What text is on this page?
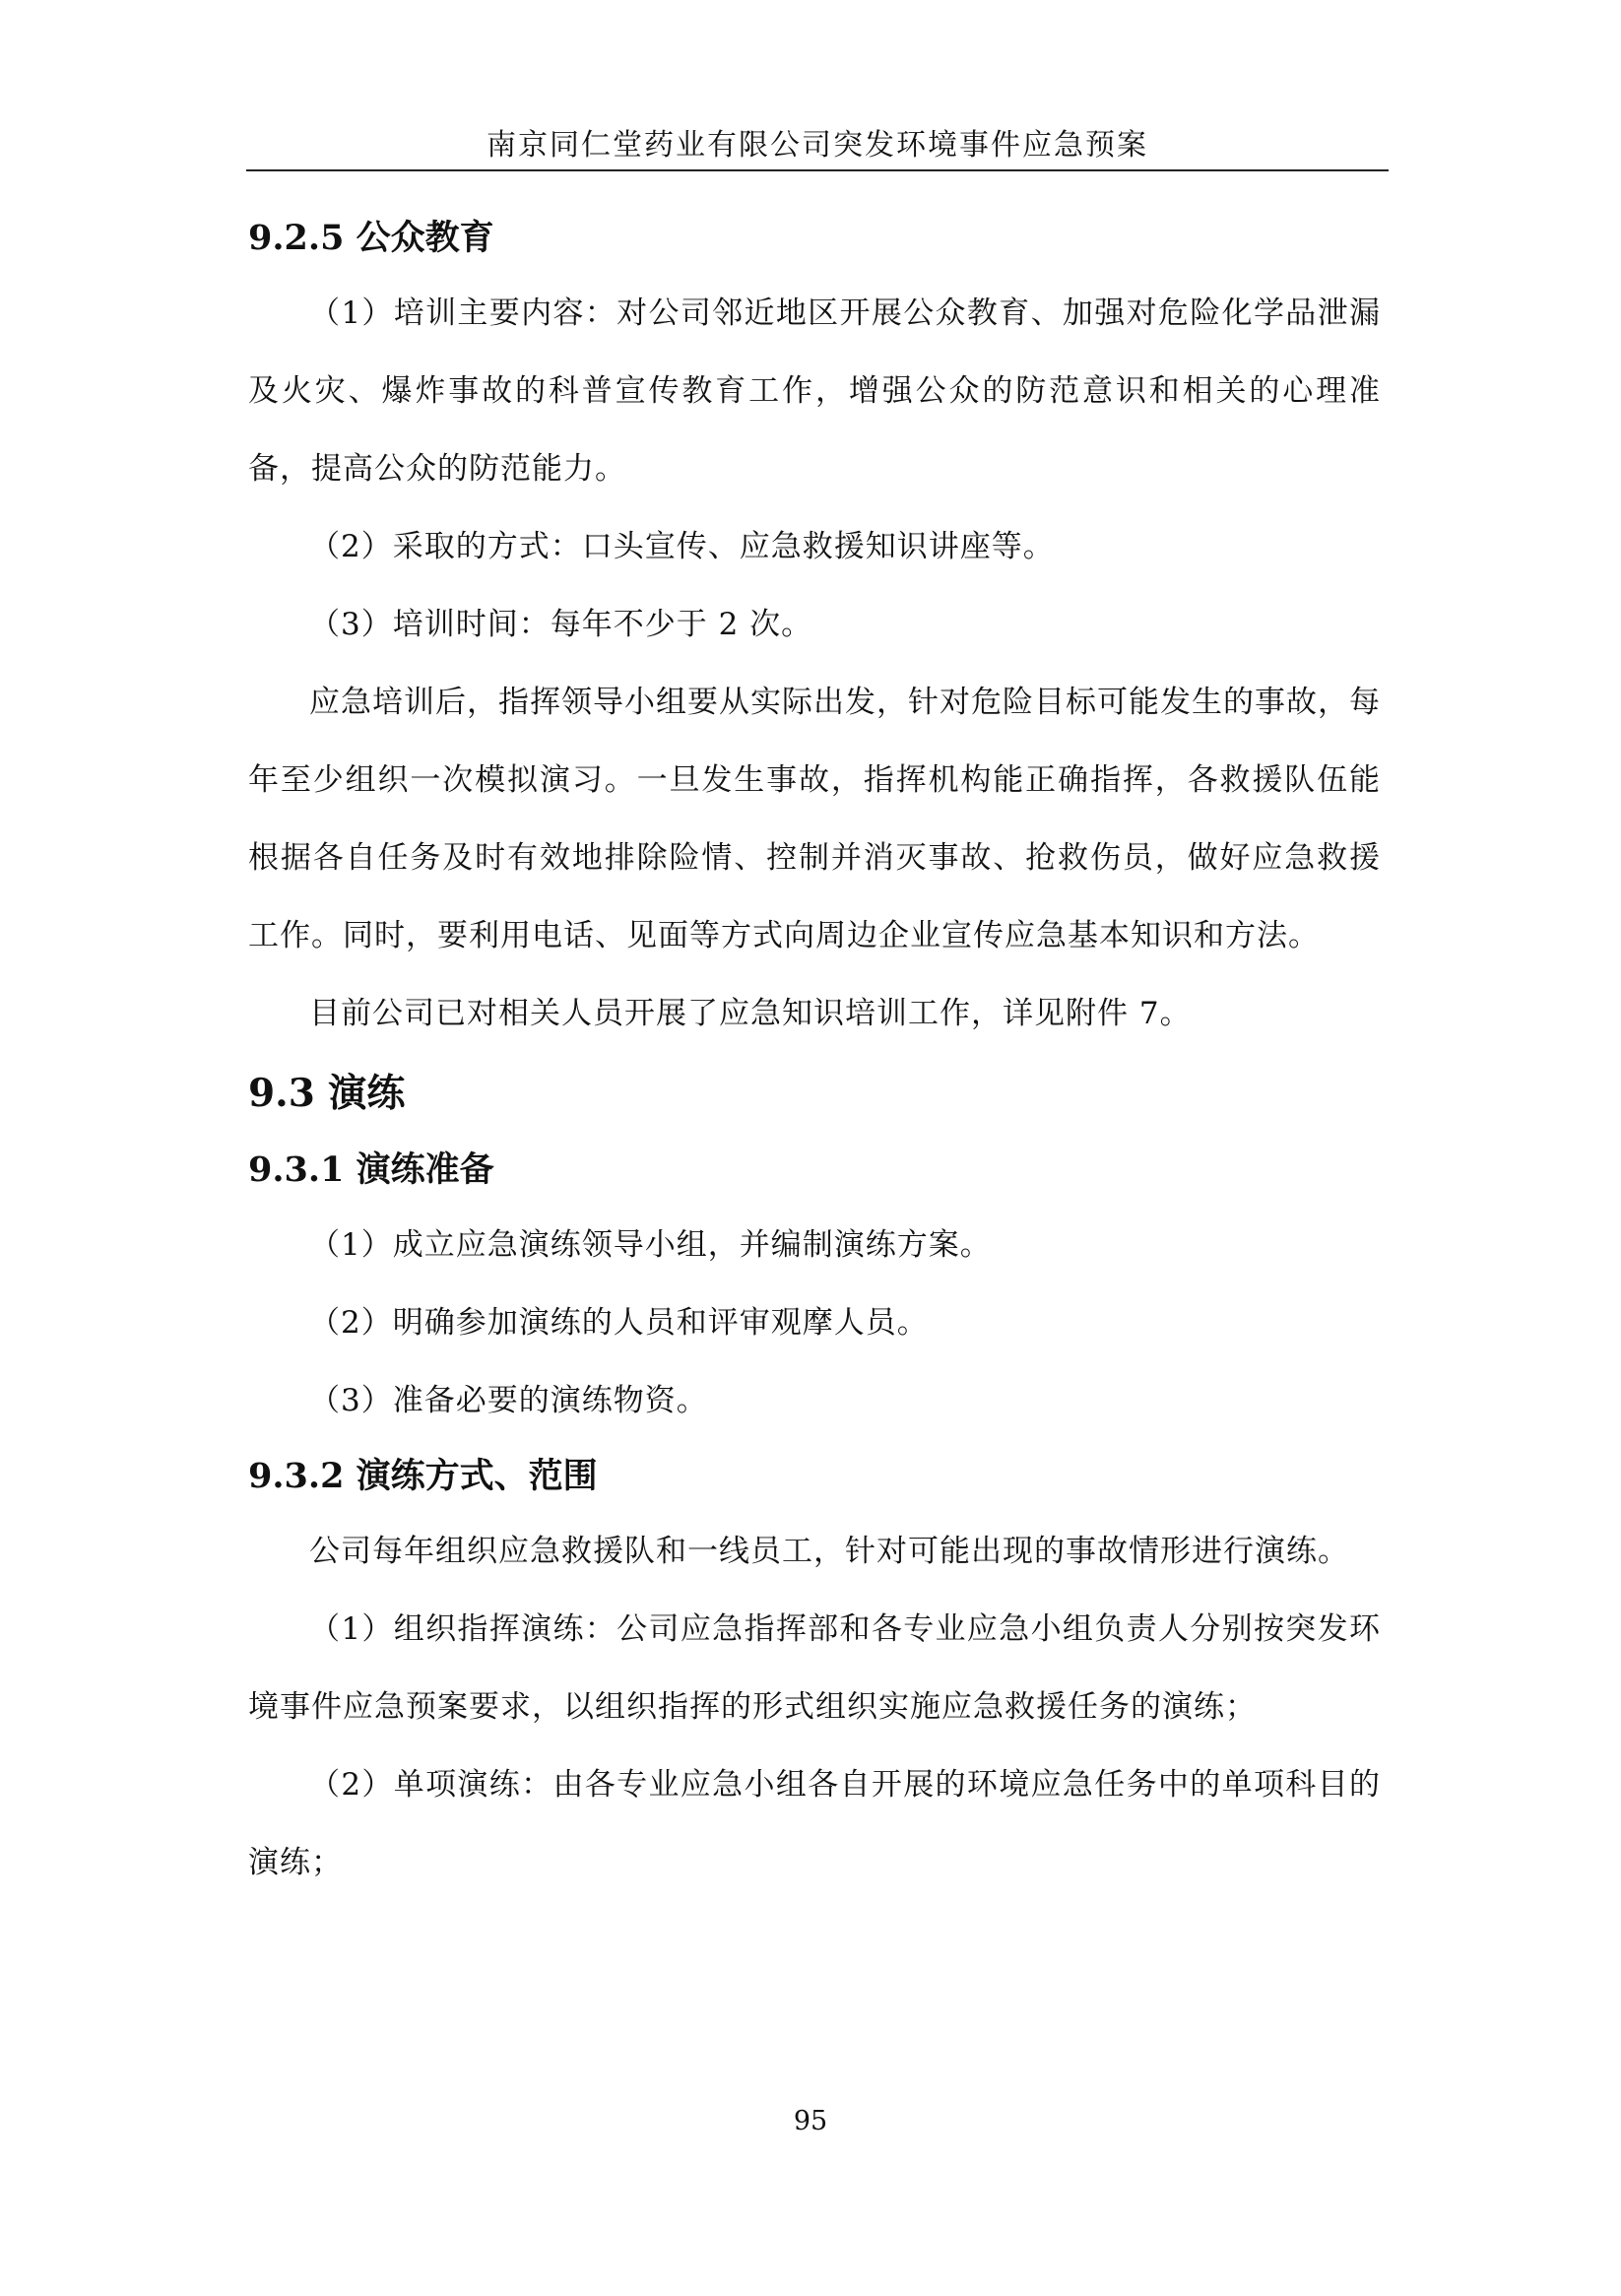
南京同仁堂药业有限公司突发环境事件应急预案
9.2.5 公众教育

（1）培训主要内容：对公司邻近地区开展公众教育、加强对危险化学品泄漏及火灾、爆炸事故的科普宣传教育工作，增强公众的防范意识和相关的心理准备，提高公众的防范能力。

（2）采取的方式：口头宣传、应急救援知识讲座等。

（3）培训时间：每年不少于 2 次。

应急培训后，指挥领导小组要从实际出发，针对危险目标可能发生的事故，每年至少组织一次模拟演习。一旦发生事故，指挥机构能正确指挥，各救援队伍能根据各自任务及时有效地排除险情、控制并消灭事故、抢救伤员，做好应急救援工作。同时，要利用电话、见面等方式向周边企业宣传应急基本知识和方法。

目前公司已对相关人员开展了应急知识培训工作，详见附件 7。

9.3 演练
9.3.1 演练准备

（1）成立应急演练领导小组，并编制演练方案。

（2）明确参加演练的人员和评审观摩人员。

（3）准备必要的演练物资。

9.3.2 演练方式、范围

公司每年组织应急救援队和一线员工，针对可能出现的事故情形进行演练。

（1）组织指挥演练：公司应急指挥部和各专业应急小组负责人分别按突发环境事件应急预案要求，以组织指挥的形式组织实施应急救援任务的演练；

（2）单项演练：由各专业应急小组各自开展的环境应急任务中的单项科目的演练；

95
